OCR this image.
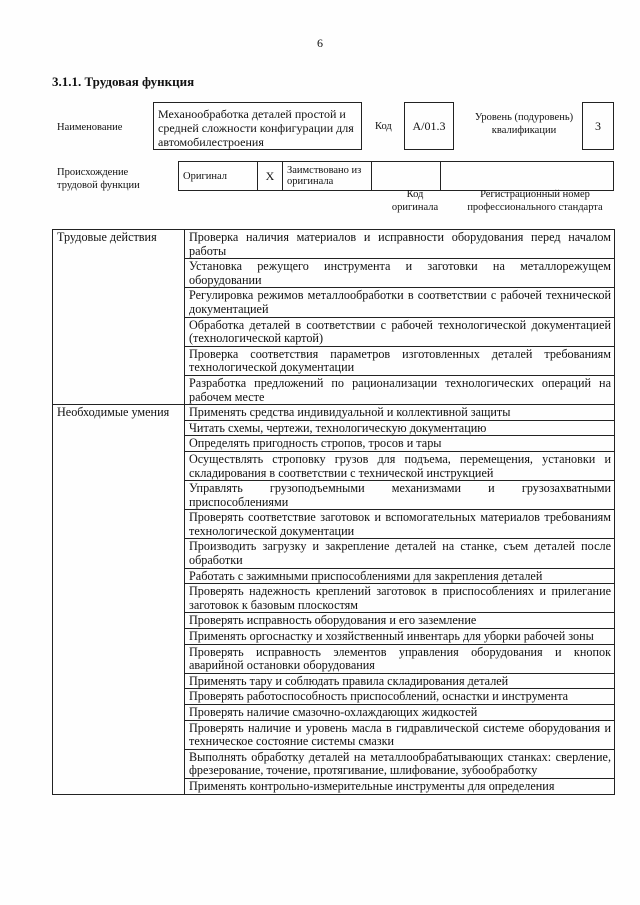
6
3.1.1. Трудовая функция
Наименование
Механообработка деталей простой и средней сложности конфигурации для автомобилестроения
Код	A/01.3
Уровень (подуровень) квалификации	3
Происхождение трудовой функции
Оригинал	X	Заимствовано из оригинала		
Код оригинала
Регистрационный номер профессионального стандарта
Трудовые действия	Проверка наличия материалов и исправности оборудования перед началом работы
	Установка режущего инструмента и заготовки на металлорежущем оборудовании
	Регулировка режимов металлообработки в соответствии с рабочей технической документацией
	Обработка деталей в соответствии с рабочей технологической документацией (технологической картой)
	Проверка соответствия параметров изготовленных деталей требованиям технологической документации
	Разработка предложений по рационализации технологических операций на рабочем месте
Необходимые умения	Применять средства индивидуальной и коллективной защиты
	Читать схемы, чертежи, технологическую документацию
	Определять пригодность стропов, тросов и тары
	Осуществлять строповку грузов для подъема, перемещения, установки и складирования в соответствии с технической инструкцией
	Управлять грузоподъемными механизмами и грузозахватными приспособлениями
	Проверять соответствие заготовок и вспомогательных материалов требованиям технологической документации
	Производить загрузку и закрепление деталей на станке, съем деталей после обработки
	Работать с зажимными приспособлениями для закрепления деталей
	Проверять надежность креплений заготовок в приспособлениях и прилегание заготовок к базовым плоскостям
	Проверять исправность оборудования и его заземление
	Применять оргоснастку и хозяйственный инвентарь для уборки рабочей зоны
	Проверять исправность элементов управления оборудования и кнопок аварийной остановки оборудования
	Применять тару и соблюдать правила складирования деталей
	Проверять работоспособность приспособлений, оснастки и инструмента
	Проверять наличие смазочно-охлаждающих жидкостей
	Проверять наличие и уровень масла в гидравлической системе оборудования и техническое состояние системы смазки
	Выполнять обработку деталей на металлообрабатывающих станках: сверление, фрезерование, точение, протягивание, шлифование, зубообработку
	Применять контрольно-измерительные инструменты для определения
